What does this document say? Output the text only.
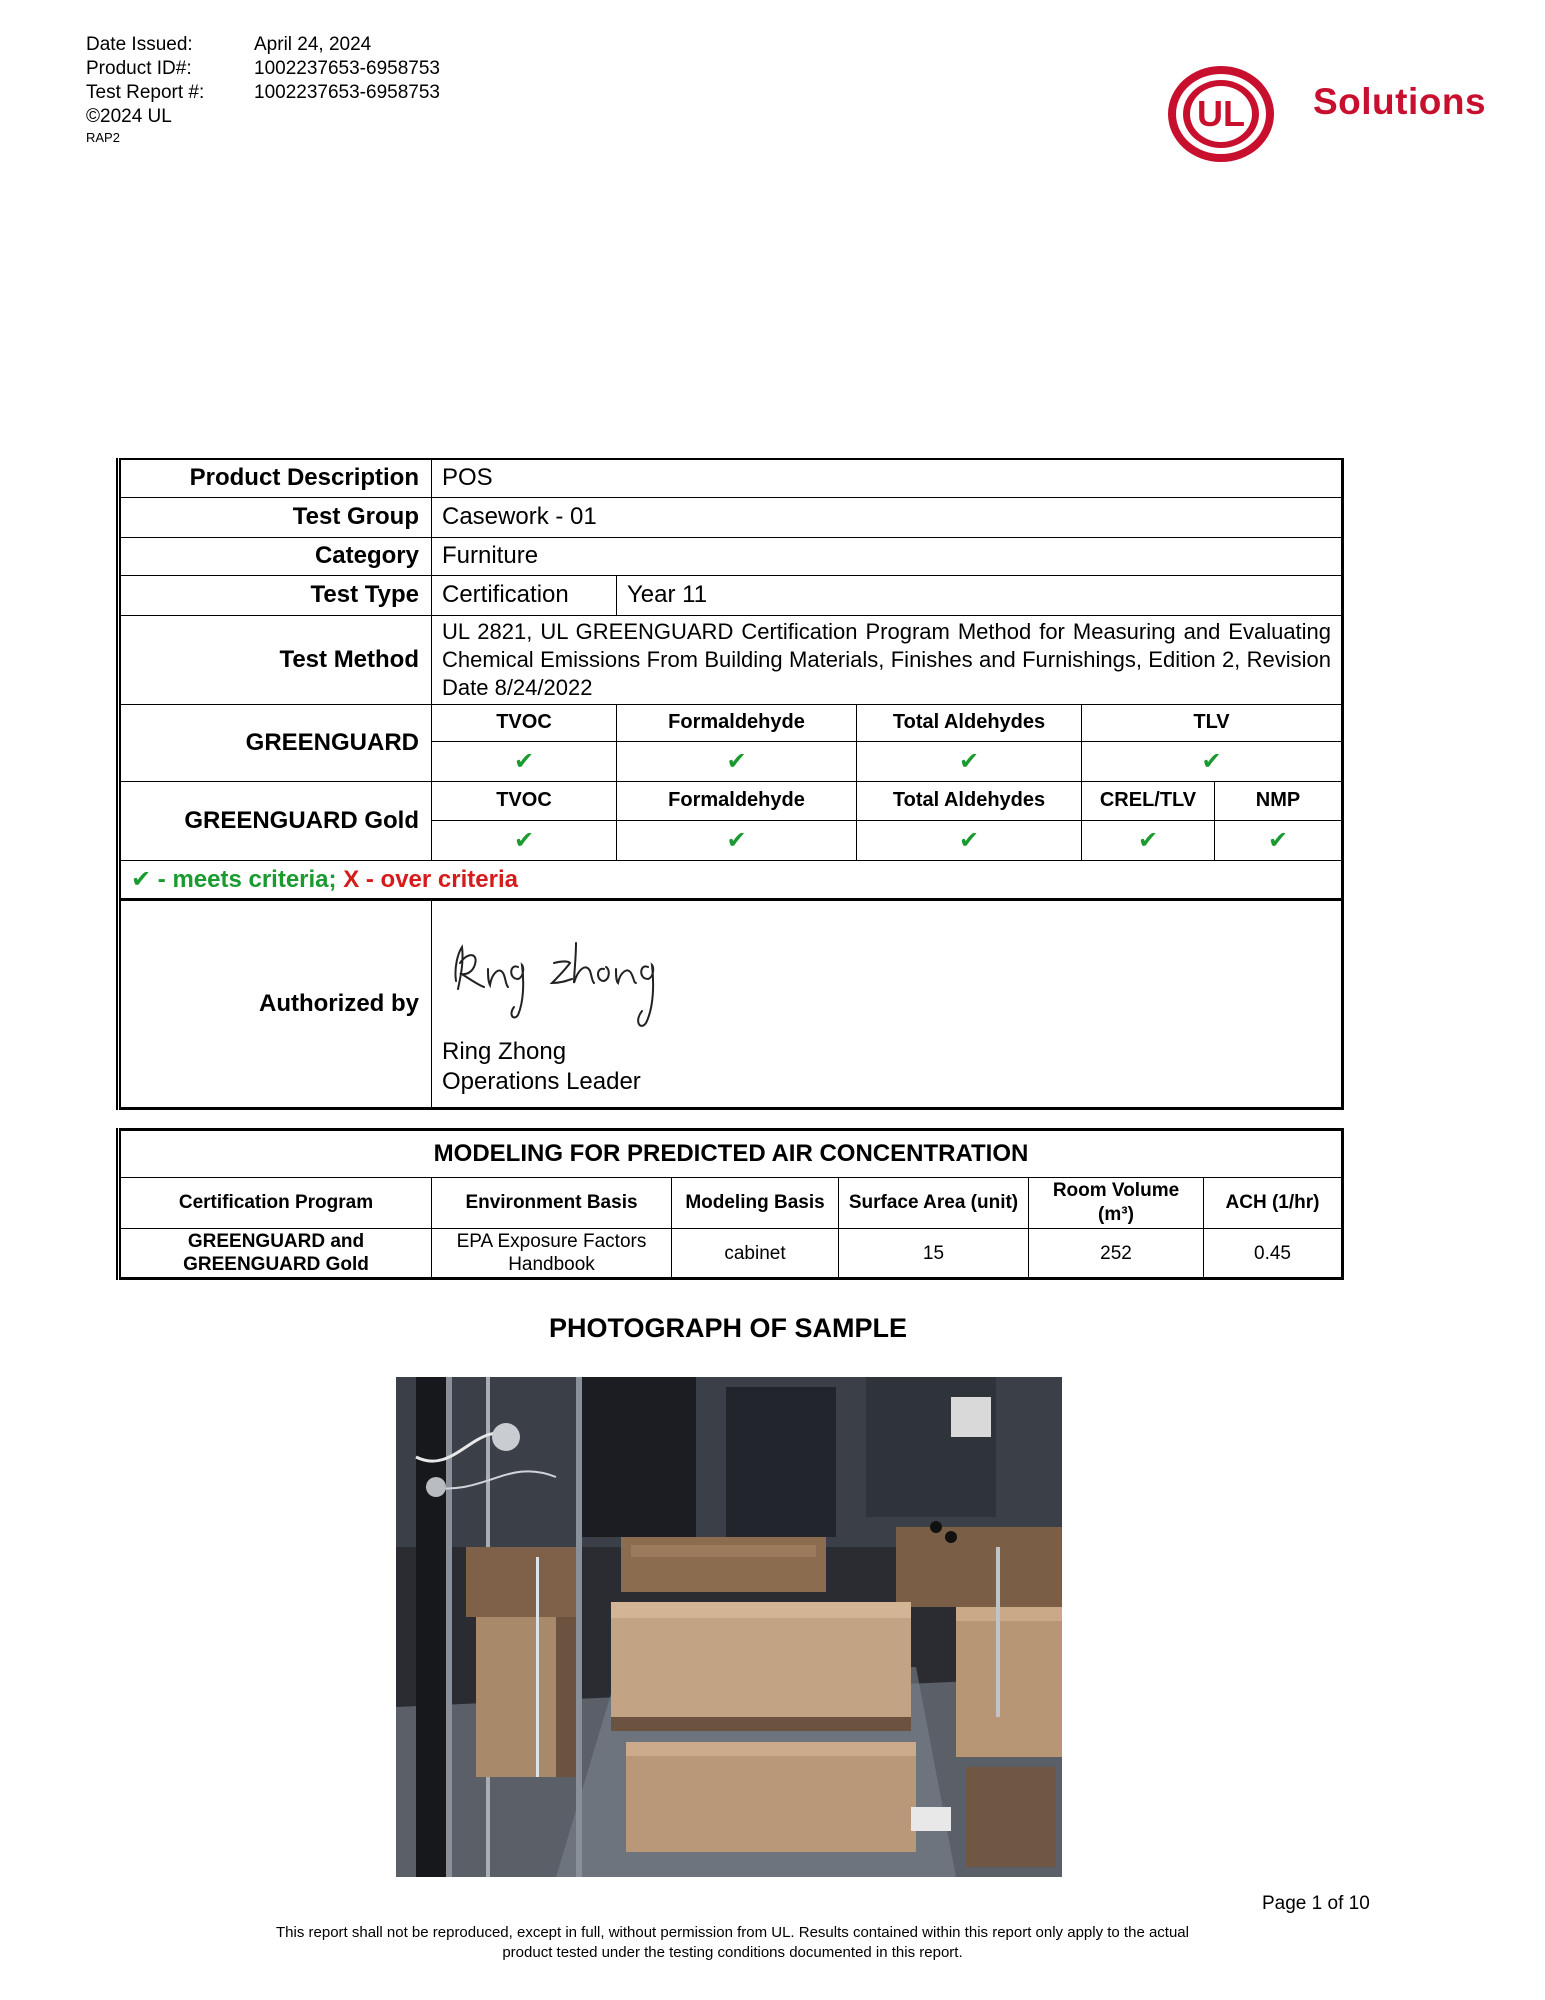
Date Issued:	April 24, 2024
Product ID#:	1002237653-6958753
Test Report #:	1002237653-6958753
©2024 UL
RAP2
UL Solutions
Product Description	POS				
Test Group	Casework - 01				
Category	Furniture				
Test Type	Certification	Year 11			
Test Method	UL 2821, UL GREENGUARD Certification Program Method for Measuring and Evaluating Chemical Emissions From Building Materials, Finishes and Furnishings, Edition 2, Revision Date 8/24/2022				
GREENGUARD	TVOC	Formaldehyde	Total Aldehydes	TLV	
	✔	✔	✔	✔	
GREENGUARD Gold	TVOC	Formaldehyde	Total Aldehydes	CREL/TLV	NMP
	✔	✔	✔	✔	✔
✔ - meets criteria; X - over criteria					
Authorized by	Ring Zhong
Operations Leader				
MODELING FOR PREDICTED AIR CONCENTRATION					
Certification Program	Environment Basis	Modeling Basis	Surface Area (unit)	Room Volume (m³)	ACH (1/hr)
GREENGUARD and GREENGUARD Gold	EPA Exposure Factors Handbook	cabinet	15	252	0.45
PHOTOGRAPH OF SAMPLE
Page 1 of 10
This report shall not be reproduced, except in full, without permission from UL. Results contained within this report only apply to the actual product tested under the testing conditions documented in this report.
